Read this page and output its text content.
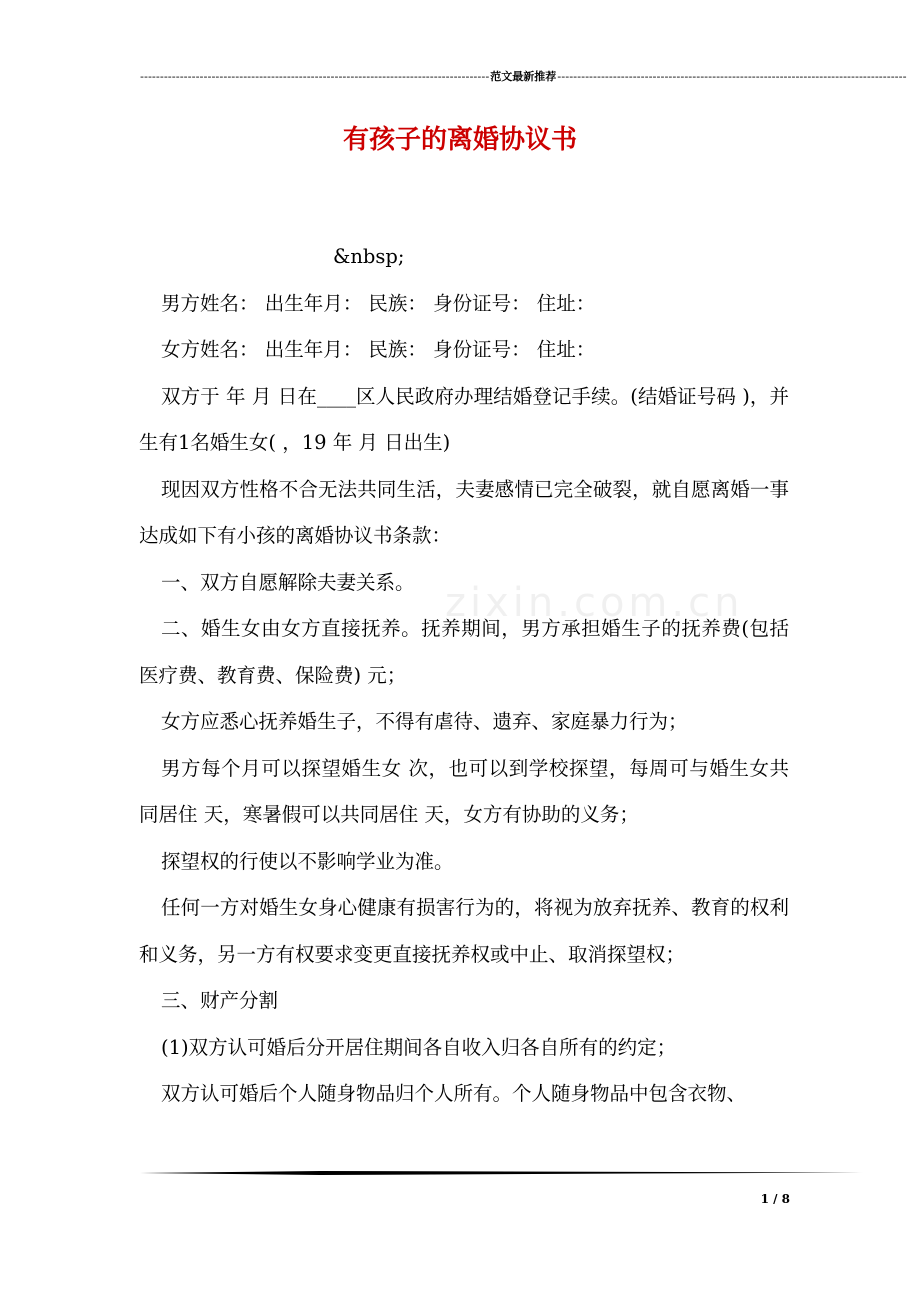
---------------------------------------------------------------------------------------- 范文最新推荐 ----------------------------------------------------------------------------------------
有孩子的离婚协议书
zixin.com.cn

&nbsp;

男方姓名： 出生年月： 民族： 身份证号： 住址：

女方姓名： 出生年月： 民族： 身份证号： 住址：

双方于 年 月 日在____区人民政府办理结婚登记手续。(结婚证号码 )，并生有1名婚生女( ，19 年 月 日出生)

现因双方性格不合无法共同生活，夫妻感情已完全破裂，就自愿离婚一事达成如下有小孩的离婚协议书条款：

一、双方自愿解除夫妻关系。

二、婚生女由女方直接抚养。抚养期间，男方承担婚生子的抚养费(包括医疗费、教育费、保险费) 元；

女方应悉心抚养婚生子，不得有虐待、遗弃、家庭暴力行为；

男方每个月可以探望婚生女 次，也可以到学校探望，每周可与婚生女共同居住 天，寒暑假可以共同居住 天，女方有协助的义务；

探望权的行使以不影响学业为准。

任何一方对婚生女身心健康有损害行为的，将视为放弃抚养、教育的权利和义务，另一方有权要求变更直接抚养权或中止、取消探望权；

三、财产分割

(1)双方认可婚后分开居住期间各自收入归各自所有的约定；

双方认可婚后个人随身物品归个人所有。个人随身物品中包含衣物、

1 / 8
